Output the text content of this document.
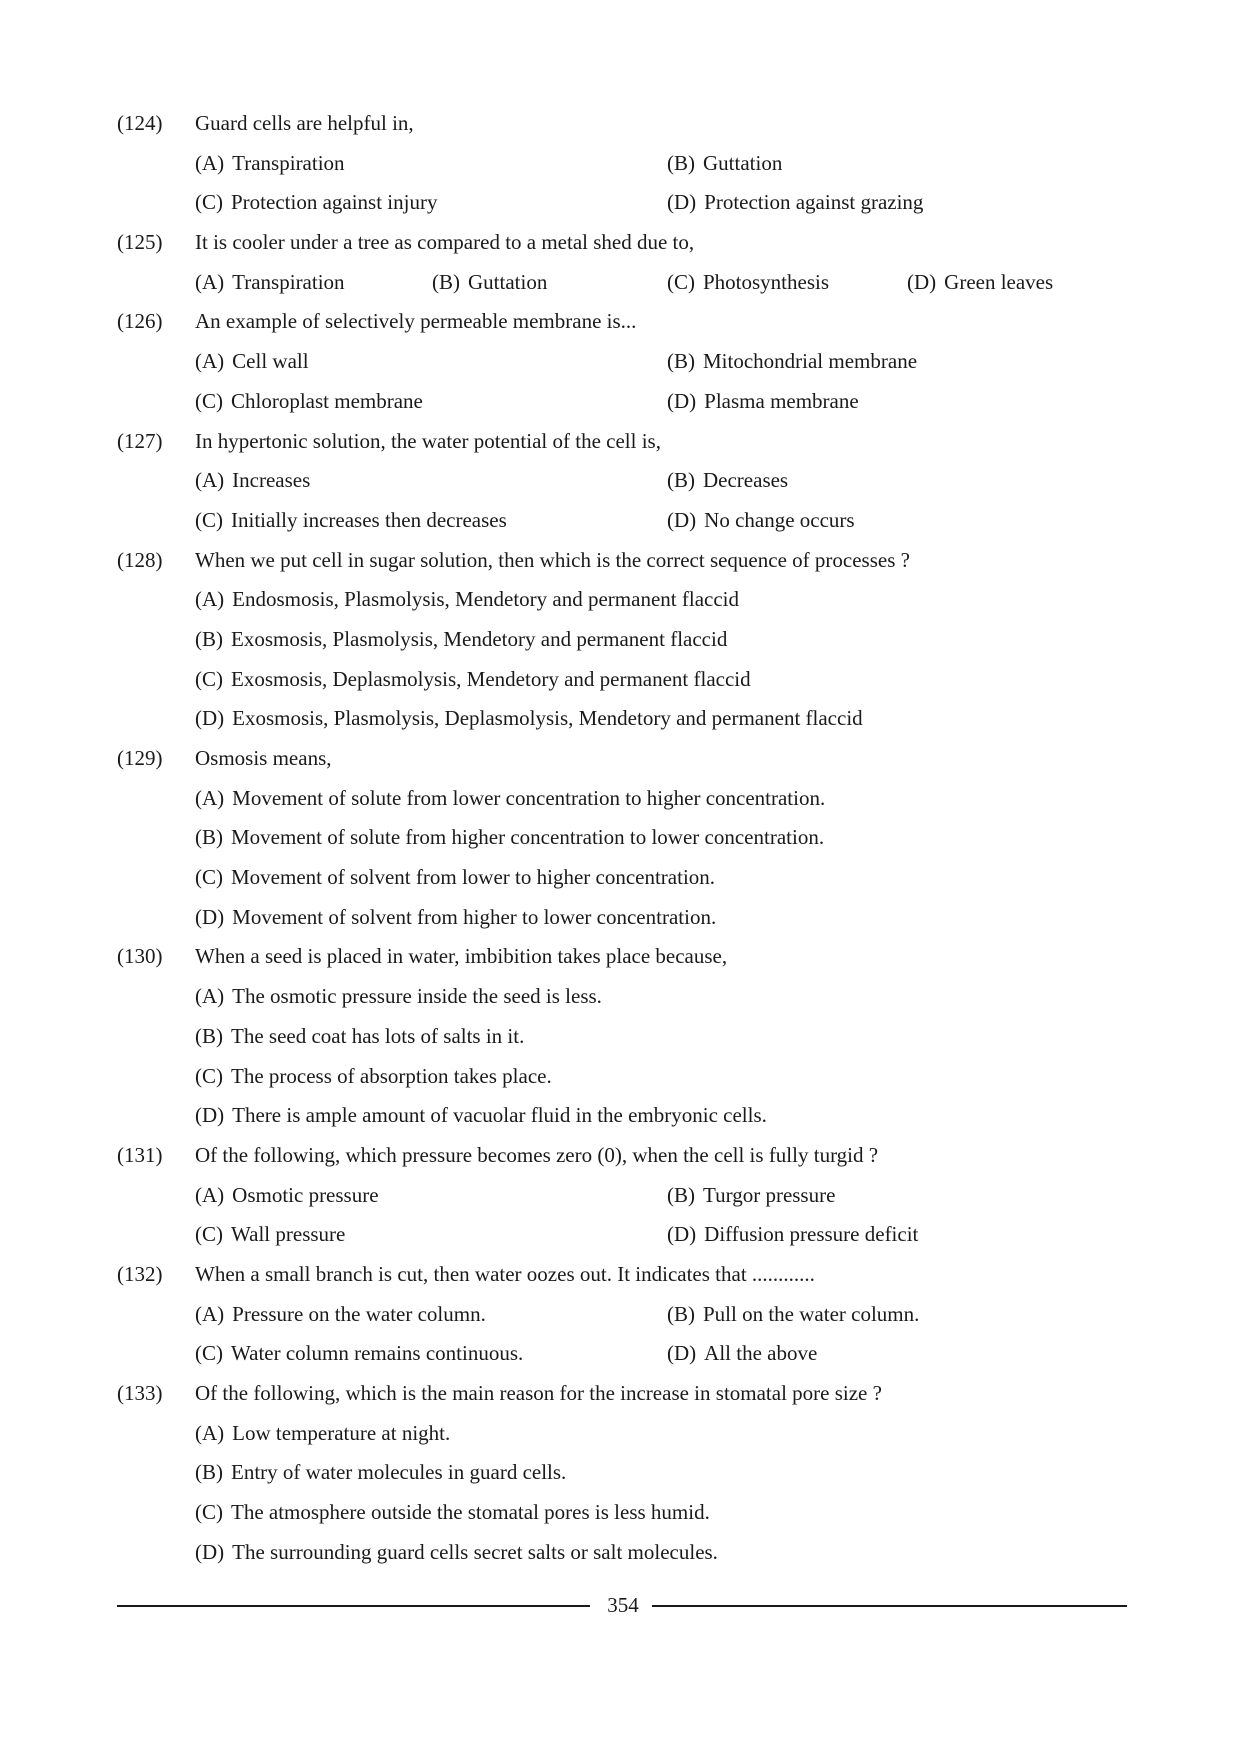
(124) Guard cells are helpful in,
(A) Transpiration	(B) Guttation
(C) Protection against injury	(D) Protection against grazing
(125) It is cooler under a tree as compared to a metal shed due to,
(A) Transpiration	(B) Guttation	(C) Photosynthesis	(D) Green leaves
(126) An example of selectively permeable membrane is...
(A) Cell wall	(B) Mitochondrial membrane
(C) Chloroplast membrane	(D) Plasma membrane
(127) In hypertonic solution, the water potential of the cell is,
(A) Increases	(B) Decreases
(C) Initially increases then decreases	(D) No change occurs
(128) When we put cell in sugar solution, then which is the correct sequence of processes ?
(A) Endosmosis, Plasmolysis, Mendetory and permanent flaccid
(B) Exosmosis, Plasmolysis, Mendetory and permanent flaccid
(C) Exosmosis, Deplasmolysis, Mendetory and permanent flaccid
(D) Exosmosis, Plasmolysis, Deplasmolysis, Mendetory and permanent flaccid
(129) Osmosis means,
(A) Movement of solute from lower concentration to higher concentration.
(B) Movement of solute from higher concentration to lower concentration.
(C) Movement of solvent from lower to higher concentration.
(D) Movement of solvent from higher to lower concentration.
(130) When a seed is placed in water, imbibition takes place because,
(A) The osmotic pressure inside the seed is less.
(B) The seed coat has lots of salts in it.
(C) The process of absorption takes place.
(D) There is ample amount of vacuolar fluid in the embryonic cells.
(131) Of the following, which pressure becomes zero (0), when the cell is fully turgid ?
(A) Osmotic pressure	(B) Turgor pressure
(C) Wall pressure	(D) Diffusion pressure deficit
(132) When a small branch is cut, then water oozes out. It indicates that ............
(A) Pressure on the water column.	(B) Pull on the water column.
(C) Water column remains continuous.	(D) All the above
(133) Of the following, which is the main reason for the increase in stomatal pore size ?
(A) Low temperature at night.
(B) Entry of water molecules in guard cells.
(C) The atmosphere outside the stomatal pores is less humid.
(D) The surrounding guard cells secret salts or salt molecules.
354
